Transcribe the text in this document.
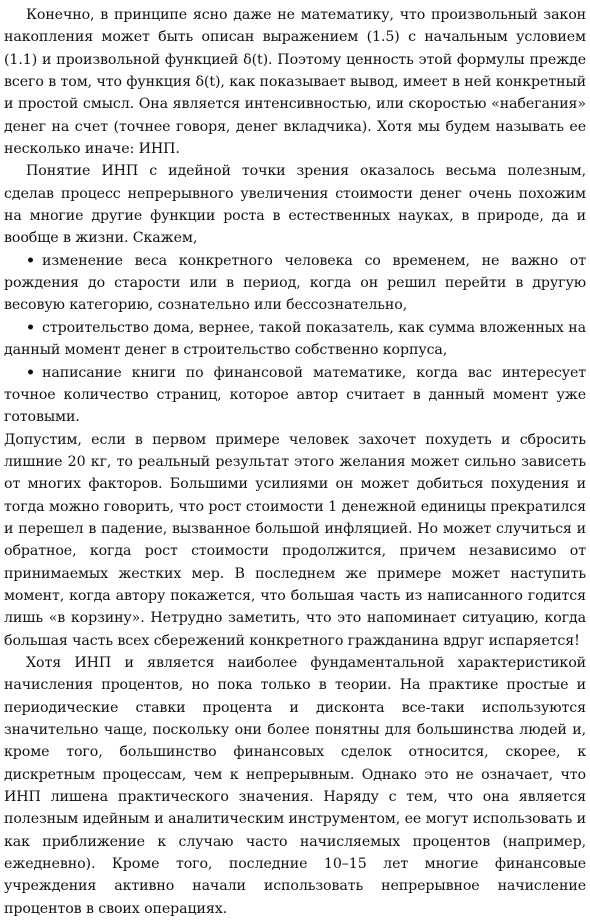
Конечно, в принципе ясно даже не математику, что произвольный закон накопления может быть описан выражением (1.5) с начальным условием (1.1) и произвольной функцией δ(t). Поэтому ценность этой формулы прежде всего в том, что функция δ(t), как показывает вывод, имеет в ней конкретный и простой смысл. Она является интенсивностью, или скоростью «набегания» денег на счет (точнее говоря, денег вкладчика). Хотя мы будем называть ее несколько иначе: ИНП.

Понятие ИНП с идейной точки зрения оказалось весьма полезным, сделав процесс непрерывного увеличения стоимости денег очень похожим на многие другие функции роста в естественных науках, в природе, да и вообще в жизни. Скажем,

• изменение веса конкретного человека со временем, не важно от рождения до старости или в период, когда он решил перейти в другую весовую категорию, сознательно или бессознательно,

• строительство дома, вернее, такой показатель, как сумма вложенных на данный момент денег в строительство собственно корпуса,

• написание книги по финансовой математике, когда вас интересует точное количество страниц, которое автор считает в данный момент уже готовыми.

Допустим, если в первом примере человек захочет похудеть и сбросить лишние 20 кг, то реальный результат этого желания может сильно зависеть от многих факторов. Большими усилиями он может добиться похудения и тогда можно говорить, что рост стоимости 1 денежной единицы прекратился и перешел в падение, вызванное большой инфляцией. Но может случиться и обратное, когда рост стоимости продолжится, причем независимо от принимаемых жестких мер. В последнем же примере может наступить момент, когда автору покажется, что большая часть из написанного годится лишь «в корзину». Нетрудно заметить, что это напоминает ситуацию, когда большая часть всех сбережений конкретного гражданина вдруг испаряется!

Хотя ИНП и является наиболее фундаментальной характеристикой начисления процентов, но пока только в теории. На практике простые и периодические ставки процента и дисконта все-таки используются значительно чаще, поскольку они более понятны для большинства людей и, кроме того, большинство финансовых сделок относится, скорее, к дискретным процессам, чем к непрерывным. Однако это не означает, что ИНП лишена практического значения. Наряду с тем, что она является полезным идейным и аналитическим инструментом, ее могут использовать и как приближение к случаю часто начисляемых процентов (например, ежедневно). Кроме того, последние 10–15 лет многие финансовые учреждения активно начали использовать непрерывное начисление процентов в своих операциях.
